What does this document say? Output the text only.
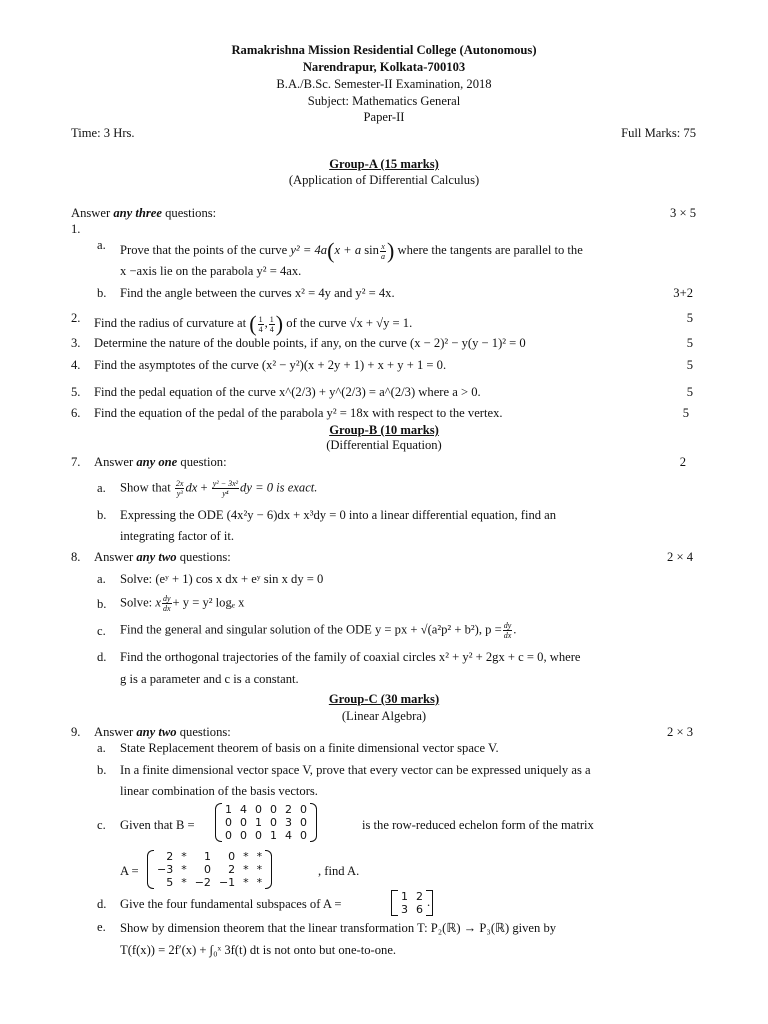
Ramakrishna Mission Residential College (Autonomous)
Narendrapur, Kolkata-700103
B.A./B.Sc. Semester-II Examination, 2018
Subject: Mathematics General
Paper-II
Time: 3 Hrs.	Full Marks: 75
Group-A (15 marks)
(Application of Differential Calculus)
Answer any three questions:	3 × 5
1.
a. Prove that the points of the curve y² = 4a(x + a $\sin \frac{x}{a}$ ) where the tangents are parallel to the
x −axis lie on the parabola y² = 4ax.
b. Find the angle between the curves x² = 4y and y² = 4x.	3+2
2. Find the radius of curvature at ( $\frac{1}{4}$ , $\frac{1}{4}$ ) of the curve √x + √y = 1.	5
3. Determine the nature of the double points, if any, on the curve (x − 2)² − y(y − 1)² = 0	5
4. Find the asymptotes of the curve (x² − y²)(x + 2y + 1) + x + y + 1 = 0.	5
5. Find the pedal equation of the curve x^(2/3) + y^(2/3) = a^(2/3) where a > 0.	5
6. Find the equation of the pedal of the parabola y² = 18x with respect to the vertex.	5
Group-B (10 marks)
(Differential Equation)
7. Answer any one question:	2
a. Show that $\frac{2x}{\text{y³}}$ dx + $\frac{\text{y² − 3x²}}{\text{y⁴}}$ dy = 0 is exact.
b. Expressing the ODE (4x²y − 6)dx + x³dy = 0 into a linear differential equation, find an
integrating factor of it.
8. Answer any two questions:	2 × 4
a. Solve: (eʸ + 1) cos x dx + eʸ sin x dy = 0
b. Solve: x $\frac{dy}{dx} + y = y^2$ logₑ x
c. Find the general and singular solution of the ODE y = px + √(a²p² + b²), $p = \frac{dy}{dx}$ .
d. Find the orthogonal trajectories of the family of coaxial circles x² + y² + 2gx + c = 0, where
g is a parameter and c is a constant.
Group-C (30 marks)
(Linear Algebra)
9. Answer any two questions:	2 × 3
a. State Replacement theorem of basis on a finite dimensional vector space V.
b. In a finite dimensional vector space V, prove that every vector can be expressed uniquely as a
linear combination of the basis vectors.
c. Given that B =
1	4	0	0	2	0
0	0	1	0	3	0
0	0	0	1	4	0
is the row-reduced echelon form of the matrix
A =
2	*	1	0	*	*
−3	*	0	2	*	*
5	*	−2	−1	*	*
, find A.
d. Give the four fundamental subspaces of A =
1	2
3	6
.
e. Show by dimension theorem that the linear transformation T: P₂(ℝ) → P₃(ℝ) given by
T(f(x)) = 2f′(x) + ∫₀ˣ 3f(t) dt is not onto but one-to-one.
